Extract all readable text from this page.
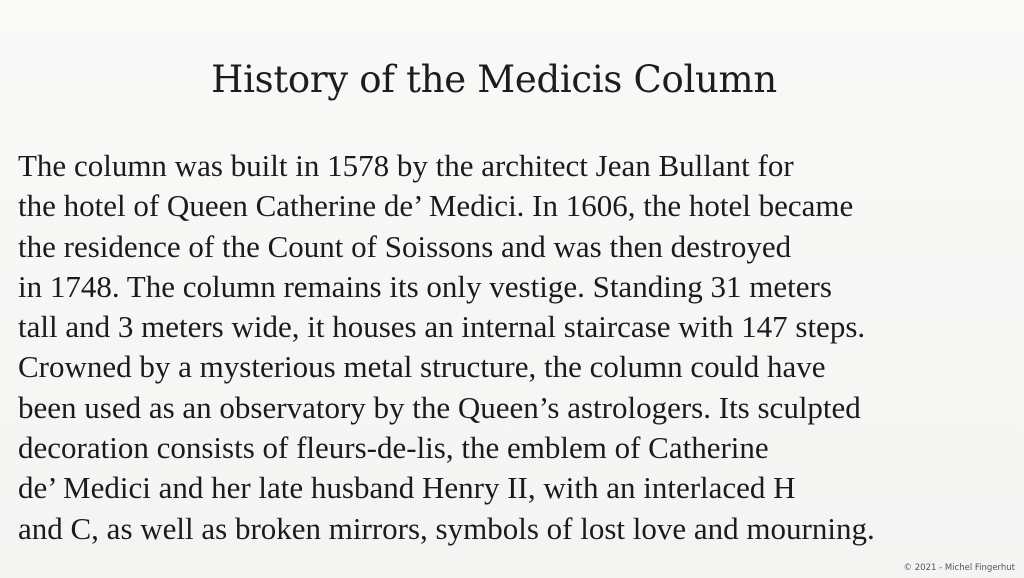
History of the Medicis Column
The column was built in 1578 by the architect Jean Bullant for
the hotel of Queen Catherine de’ Medici. In 1606, the hotel became
the residence of the Count of Soissons and was then destroyed
in 1748. The column remains its only vestige. Standing 31 meters
tall and 3 meters wide, it houses an internal staircase with 147 steps.
Crowned by a mysterious metal structure, the column could have
been used as an observatory by the Queen’s astrologers. Its sculpted
decoration consists of fleurs-de-lis, the emblem of Catherine
de’ Medici and her late husband Henry II, with an interlaced H
and C, as well as broken mirrors, symbols of lost love and mourning.
© 2021 - Michel Fingerhut
